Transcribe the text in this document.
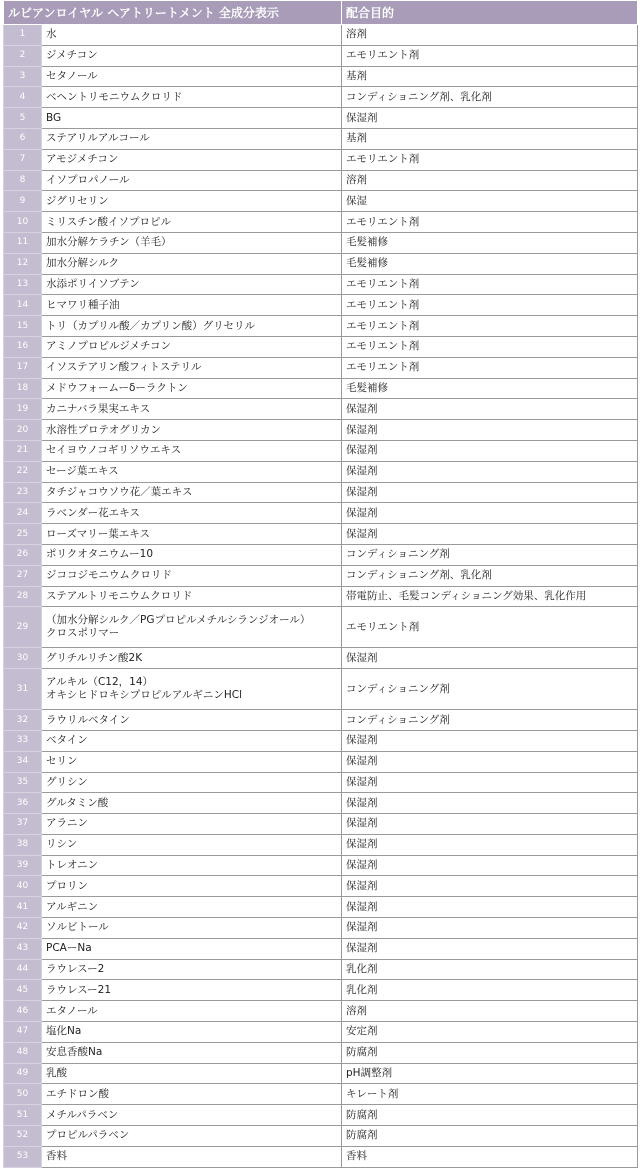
ルビアンロイヤル ヘアトリートメント 全成分表示		配合目的
1	水	溶剤
2	ジメチコン	エモリエント剤
3	セタノール	基剤
4	ベヘントリモニウムクロリド	コンディショニング剤、乳化剤
5	BG	保湿剤
6	ステアリルアルコール	基剤
7	アモジメチコン	エモリエント剤
8	イソプロパノール	溶剤
9	ジグリセリン	保湿
10	ミリスチン酸イソプロピル	エモリエント剤
11	加水分解ケラチン（羊毛）	毛髪補修
12	加水分解シルク	毛髪補修
13	水添ポリイソブテン	エモリエント剤
14	ヒマワリ種子油	エモリエント剤
15	トリ（カプリル酸／カプリン酸）グリセリル	エモリエント剤
16	アミノプロピルジメチコン	エモリエント剤
17	イソステアリン酸フィトステリル	エモリエント剤
18	メドウフォームーδーラクトン	毛髪補修
19	カニナバラ果実エキス	保湿剤
20	水溶性プロテオグリカン	保湿剤
21	セイヨウノコギリソウエキス	保湿剤
22	セージ葉エキス	保湿剤
23	タチジャコウソウ花／葉エキス	保湿剤
24	ラベンダー花エキス	保湿剤
25	ローズマリー葉エキス	保湿剤
26	ポリクオタニウムー10	コンディショニング剤
27	ジココジモニウムクロリド	コンディショニング剤、乳化剤
28	ステアルトリモニウムクロリド	帯電防止、毛髪コンディショニング効果、乳化作用
29	（加水分解シルク／PGプロピルメチルシランジオール）
クロスポリマー	エモリエント剤
30	グリチルリチン酸2K	保湿剤
31	アルキル（C12，14）
オキシヒドロキシプロピルアルギニンHCl	コンディショニング剤
32	ラウリルベタイン	コンディショニング剤
33	ベタイン	保湿剤
34	セリン	保湿剤
35	グリシン	保湿剤
36	グルタミン酸	保湿剤
37	アラニン	保湿剤
38	リシン	保湿剤
39	トレオニン	保湿剤
40	プロリン	保湿剤
41	アルギニン	保湿剤
42	ソルビトール	保湿剤
43	PCAーNa	保湿剤
44	ラウレスー2	乳化剤
45	ラウレスー21	乳化剤
46	エタノール	溶剤
47	塩化Na	安定剤
48	安息香酸Na	防腐剤
49	乳酸	pH調整剤
50	エチドロン酸	キレート剤
51	メチルパラベン	防腐剤
52	プロピルパラベン	防腐剤
53	香料	香料
